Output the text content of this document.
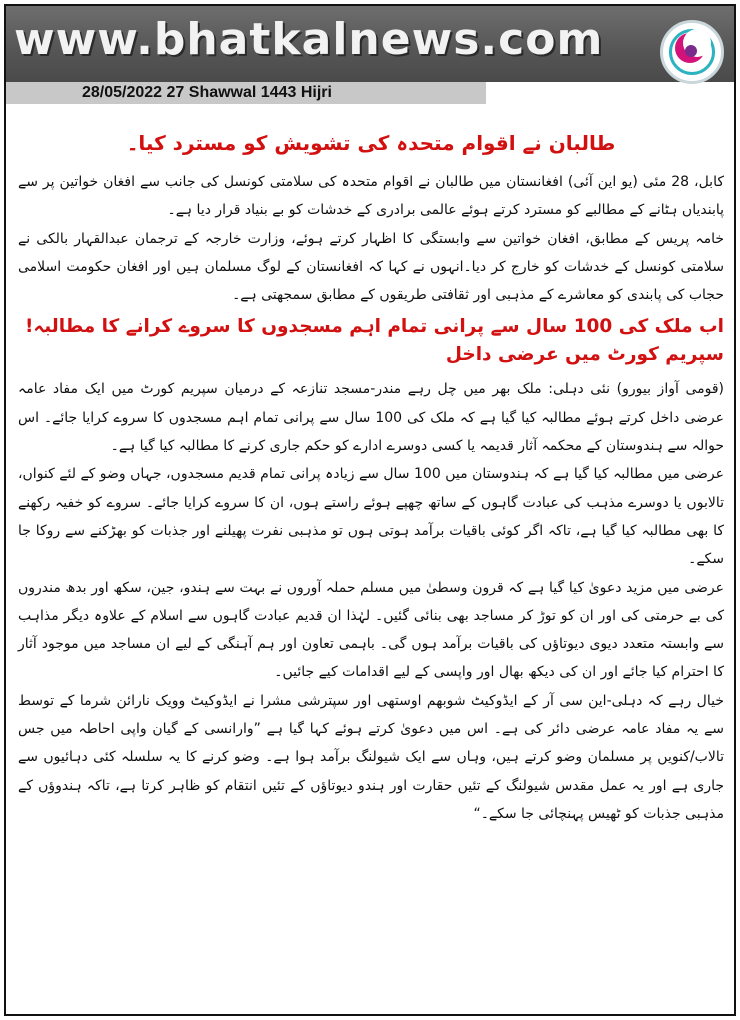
www.bhatkalnews.com
28/05/2022 27 Shawwal 1443 Hijri
طالبان نے اقوام متحدہ کی تشویش کو مسترد کیا۔

کابل، 28 مئی (یو این آئی) افغانستان میں طالبان نے اقوام متحدہ کی سلامتی کونسل کی جانب سے افغان خواتین پر سے پابندیاں ہٹانے کے مطالبے کو مسترد کرتے ہوئے عالمی برادری کے خدشات کو بے بنیاد قرار دیا ہے۔

خامہ پریس کے مطابق، افغان خواتین سے وابستگی کا اظہار کرتے ہوئے، وزارت خارجہ کے ترجمان عبدالقہار بالکی نے سلامتی کونسل کے خدشات کو خارج کر دیا۔انہوں نے کہا کہ افغانستان کے لوگ مسلمان ہیں اور افغان حکومت اسلامی حجاب کی پابندی کو معاشرے کے مذہبی اور ثقافتی طریقوں کے مطابق سمجھتی ہے۔

اب ملک کی 100 سال سے پرانی تمام اہم مسجدوں کا سروے کرانے کا مطالبہ! سپریم کورٹ میں عرضی داخل

(قومی آواز بیورو) نئی دہلی: ملک بھر میں چل رہے مندر-مسجد تنازعہ کے درمیان سپریم کورٹ میں ایک مفاد عامہ عرضی داخل کرتے ہوئے مطالبہ کیا گیا ہے کہ ملک کی 100 سال سے پرانی تمام اہم مسجدوں کا سروے کرایا جائے۔ اس حوالہ سے ہندوستان کے محکمہ آثار قدیمہ یا کسی دوسرے ادارے کو حکم جاری کرنے کا مطالبہ کیا گیا ہے۔

عرضی میں مطالبہ کیا گیا ہے کہ ہندوستان میں 100 سال سے زیادہ پرانی تمام قدیم مسجدوں، جہاں وضو کے لئے کنواں، تالابوں یا دوسرے مذہب کی عبادت گاہوں کے ساتھ چھپے ہوئے راستے ہوں، ان کا سروے کرایا جائے۔ سروے کو خفیہ رکھنے کا بھی مطالبہ کیا گیا ہے، تاکہ اگر کوئی باقیات برآمد ہوتی ہوں تو مذہبی نفرت پھیلنے اور جذبات کو بھڑکنے سے روکا جا سکے۔

عرضی میں مزید دعویٰ کیا گیا ہے کہ قرون وسطیٰ میں مسلم حملہ آوروں نے بہت سے ہندو، جین، سکھ اور بدھ مندروں کی بے حرمتی کی اور ان کو توڑ کر مساجد بھی بنائی گئیں۔ لہٰذا ان قدیم عبادت گاہوں سے اسلام کے علاوہ دیگر مذاہب سے وابستہ متعدد دیوی دیوتاؤں کی باقیات برآمد ہوں گی۔ باہمی تعاون اور ہم آہنگی کے لیے ان مساجد میں موجود آثار کا احترام کیا جائے اور ان کی دیکھ بھال اور واپسی کے لیے اقدامات کیے جائیں۔

خیال رہے کہ دہلی-این سی آر کے ایڈوکیٹ شوبھم اوستھی اور سپترشی مشرا نے ایڈوکیٹ وویک نارائن شرما کے توسط سے یہ مفاد عامہ عرضی دائر کی ہے۔ اس میں دعویٰ کرتے ہوئے کہا گیا ہے ”وارانسی کے گیان واپی احاطہ میں جس تالاب/کنویں پر مسلمان وضو کرتے ہیں، وہاں سے ایک شیولنگ برآمد ہوا ہے۔ وضو کرنے کا یہ سلسلہ کئی دہائیوں سے جاری ہے اور یہ عمل مقدس شیولنگ کے تئیں حقارت اور ہندو دیوتاؤں کے تئیں انتقام کو ظاہر کرتا ہے، تاکہ ہندوؤں کے مذہبی جذبات کو ٹھیس پہنچائی جا سکے۔“
